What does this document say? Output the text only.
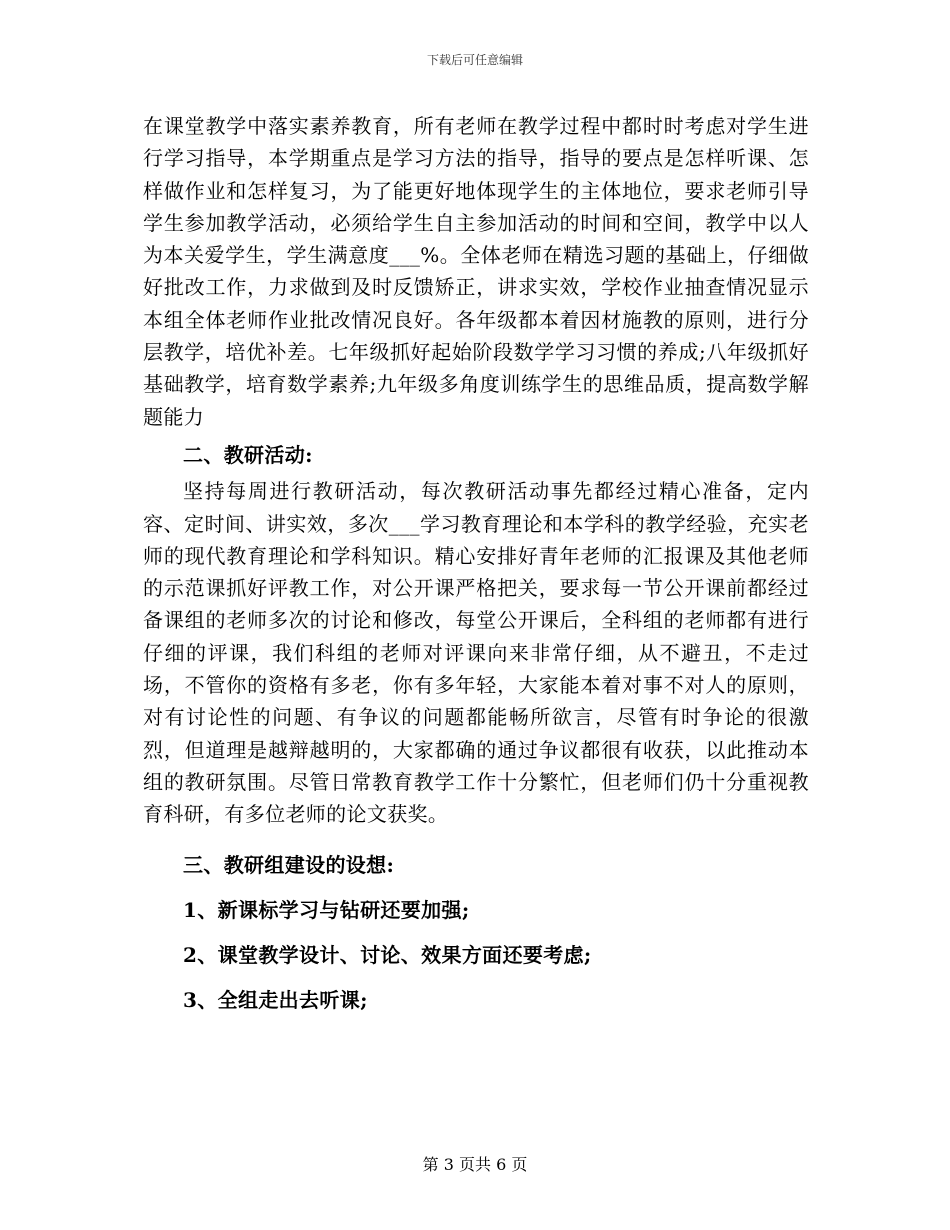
下载后可任意编辑

在课堂教学中落实素养教育，所有老师在教学过程中都时时考虑对学生进行学习指导，本学期重点是学习方法的指导，指导的要点是怎样听课、怎样做作业和怎样复习，为了能更好地体现学生的主体地位，要求老师引导学生参加教学活动，必须给学生自主参加活动的时间和空间，教学中以人为本关爱学生，学生满意度___%。全体老师在精选习题的基础上，仔细做好批改工作，力求做到及时反馈矫正，讲求实效，学校作业抽查情况显示本组全体老师作业批改情况良好。各年级都本着因材施教的原则，进行分层教学，培优补差。七年级抓好起始阶段数学学习习惯的养成;八年级抓好基础教学，培育数学素养;九年级多角度训练学生的思维品质，提高数学解题能力

二、教研活动:

坚持每周进行教研活动，每次教研活动事先都经过精心准备，定内容、定时间、讲实效，多次___学习教育理论和本学科的教学经验，充实老师的现代教育理论和学科知识。精心安排好青年老师的汇报课及其他老师的示范课抓好评教工作，对公开课严格把关，要求每一节公开课前都经过备课组的老师多次的讨论和修改，每堂公开课后，全科组的老师都有进行仔细的评课，我们科组的老师对评课向来非常仔细，从不避丑，不走过场，不管你的资格有多老，你有多年轻，大家能本着对事不对人的原则，对有讨论性的问题、有争议的问题都能畅所欲言，尽管有时争论的很激烈，但道理是越辩越明的，大家都确的通过争议都很有收获，以此推动本组的教研氛围。尽管日常教育教学工作十分繁忙，但老师们仍十分重视教育科研，有多位老师的论文获奖。

三、教研组建设的设想:

1、新课标学习与钻研还要加强;

2、课堂教学设计、讨论、效果方面还要考虑;

3、全组走出去听课;

第 3 页共 6 页
